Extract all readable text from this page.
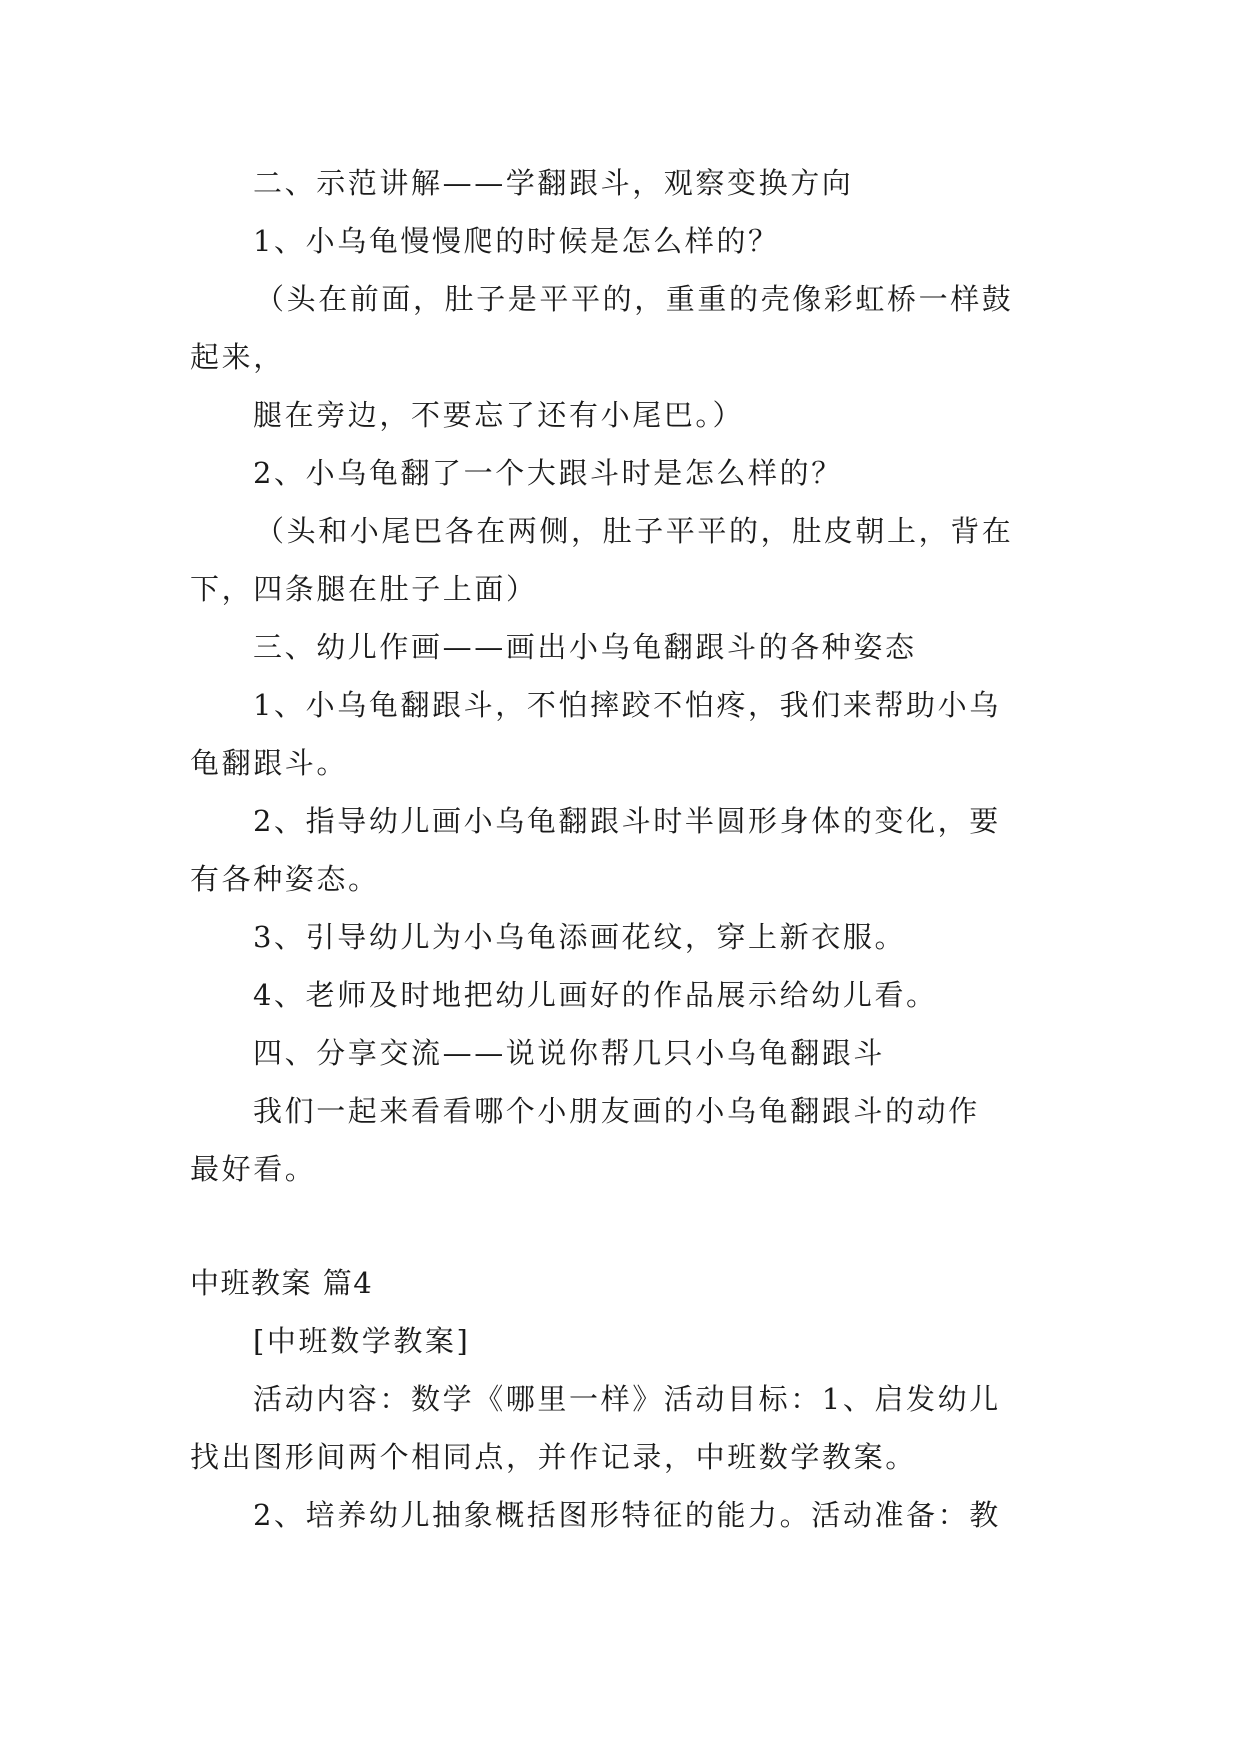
二、示范讲解——学翻跟斗，观察变换方向
1、小乌龟慢慢爬的时候是怎么样的？
（头在前面，肚子是平平的，重重的壳像彩虹桥一样鼓
起来，
腿在旁边，不要忘了还有小尾巴。）
2、小乌龟翻了一个大跟斗时是怎么样的？
（头和小尾巴各在两侧，肚子平平的，肚皮朝上，背在
下，四条腿在肚子上面）
三、幼儿作画——画出小乌龟翻跟斗的各种姿态
1、小乌龟翻跟斗，不怕摔跤不怕疼，我们来帮助小乌
龟翻跟斗。
2、指导幼儿画小乌龟翻跟斗时半圆形身体的变化，要
有各种姿态。
3、引导幼儿为小乌龟添画花纹，穿上新衣服。
4、老师及时地把幼儿画好的作品展示给幼儿看。
四、分享交流——说说你帮几只小乌龟翻跟斗
我们一起来看看哪个小朋友画的小乌龟翻跟斗的动作
最好看。
中班教案 篇4
[中班数学教案]
活动内容：数学《哪里一样》活动目标：1、启发幼儿
找出图形间两个相同点，并作记录，中班数学教案。
2、培养幼儿抽象概括图形特征的能力。活动准备：教
